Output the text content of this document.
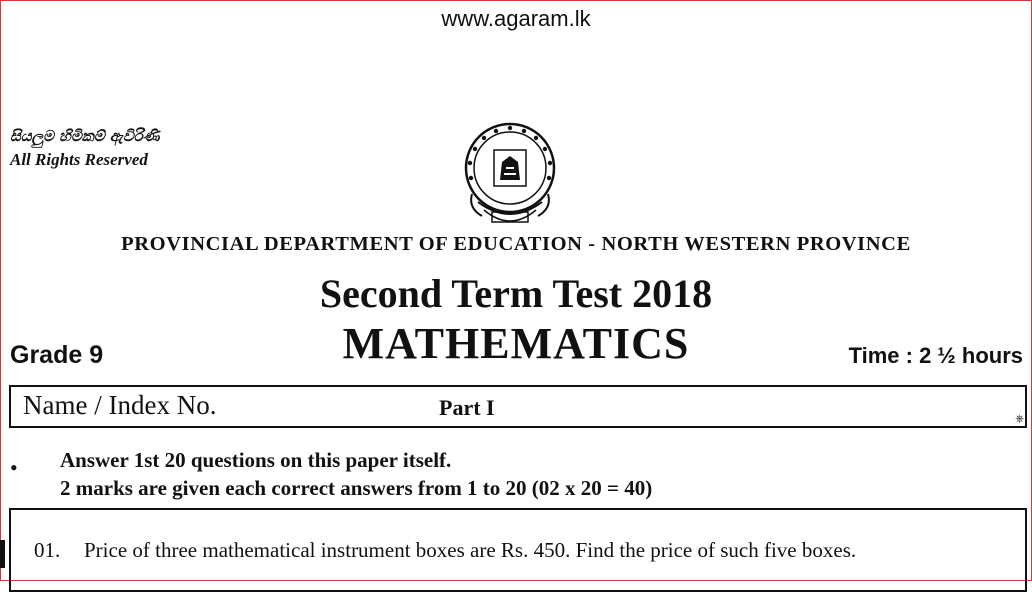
www.agaram.lk
සියලුම හිමිකම් ඇවිරිණි
All Rights Reserved
PROVINCIAL DEPARTMENT OF EDUCATION - NORTH WESTERN PROVINCE
Second Term Test 2018
MATHEMATICS
Grade 9	Time : 2 ½ hours
Name / Index No.	Part I	⎈
• Answer 1st 20 questions on this paper itself.
2 marks are given each correct answers from 1 to 20 (02 x 20 = 40)
01. Price of three mathematical instrument boxes are Rs. 450. Find the price of such five boxes.
